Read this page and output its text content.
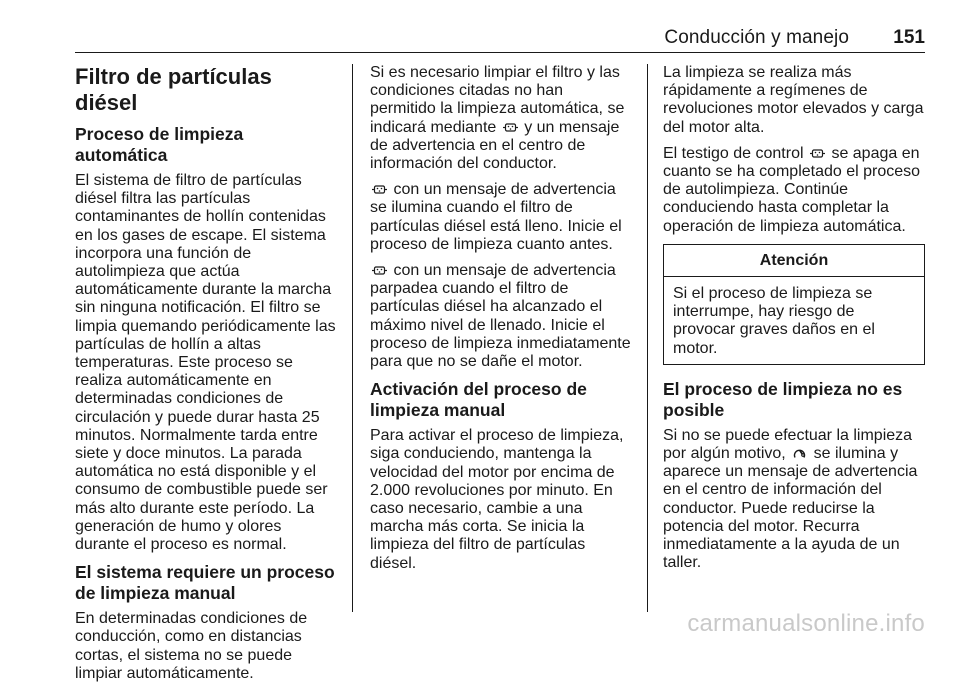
Conducción y manejo 151
Filtro de partículas diésel
Proceso de limpieza automática

El sistema de filtro de partículas diésel filtra las partículas contaminantes de hollín contenidas en los gases de escape. El sistema incorpora una función de autolimpieza que actúa automáticamente durante la marcha sin ninguna notificación. El filtro se limpia quemando periódicamente las partículas de hollín a altas temperaturas. Este proceso se realiza automáticamente en determinadas condiciones de circulación y puede durar hasta 25 minutos. Normalmente tarda entre siete y doce minutos. La parada automática no está disponible y el consumo de combustible puede ser más alto durante este período. La generación de humo y olores durante el proceso es normal.

El sistema requiere un proceso de limpieza manual

En determinadas condiciones de conducción, como en distancias cortas, el sistema no se puede limpiar automáticamente.

Si es necesario limpiar el filtro y las condiciones citadas no han permitido la limpieza automática, se indicará mediante y un mensaje de advertencia en el centro de información del conductor.

con un mensaje de advertencia se ilumina cuando el filtro de partículas diésel está lleno. Inicie el proceso de limpieza cuanto antes.

con un mensaje de advertencia parpadea cuando el filtro de partículas diésel ha alcanzado el máximo nivel de llenado. Inicie el proceso de limpieza inmediatamente para que no se dañe el motor.

Activación del proceso de limpieza manual

Para activar el proceso de limpieza, siga conduciendo, mantenga la velocidad del motor por encima de 2.000 revoluciones por minuto. En caso necesario, cambie a una marcha más corta. Se inicia la limpieza del filtro de partículas diésel.

La limpieza se realiza más rápidamente a regímenes de revoluciones motor elevados y carga del motor alta.

El testigo de control se apaga en cuanto se ha completado el proceso de autolimpieza. Continúe conduciendo hasta completar la operación de limpieza automática.

Atención

Si el proceso de limpieza se interrumpe, hay riesgo de provocar graves daños en el motor.

El proceso de limpieza no es posible

Si no se puede efectuar la limpieza por algún motivo, se ilumina y aparece un mensaje de advertencia en el centro de información del conductor. Puede reducirse la potencia del motor. Recurra inmediatamente a la ayuda de un taller.

carmanualsonline.info
